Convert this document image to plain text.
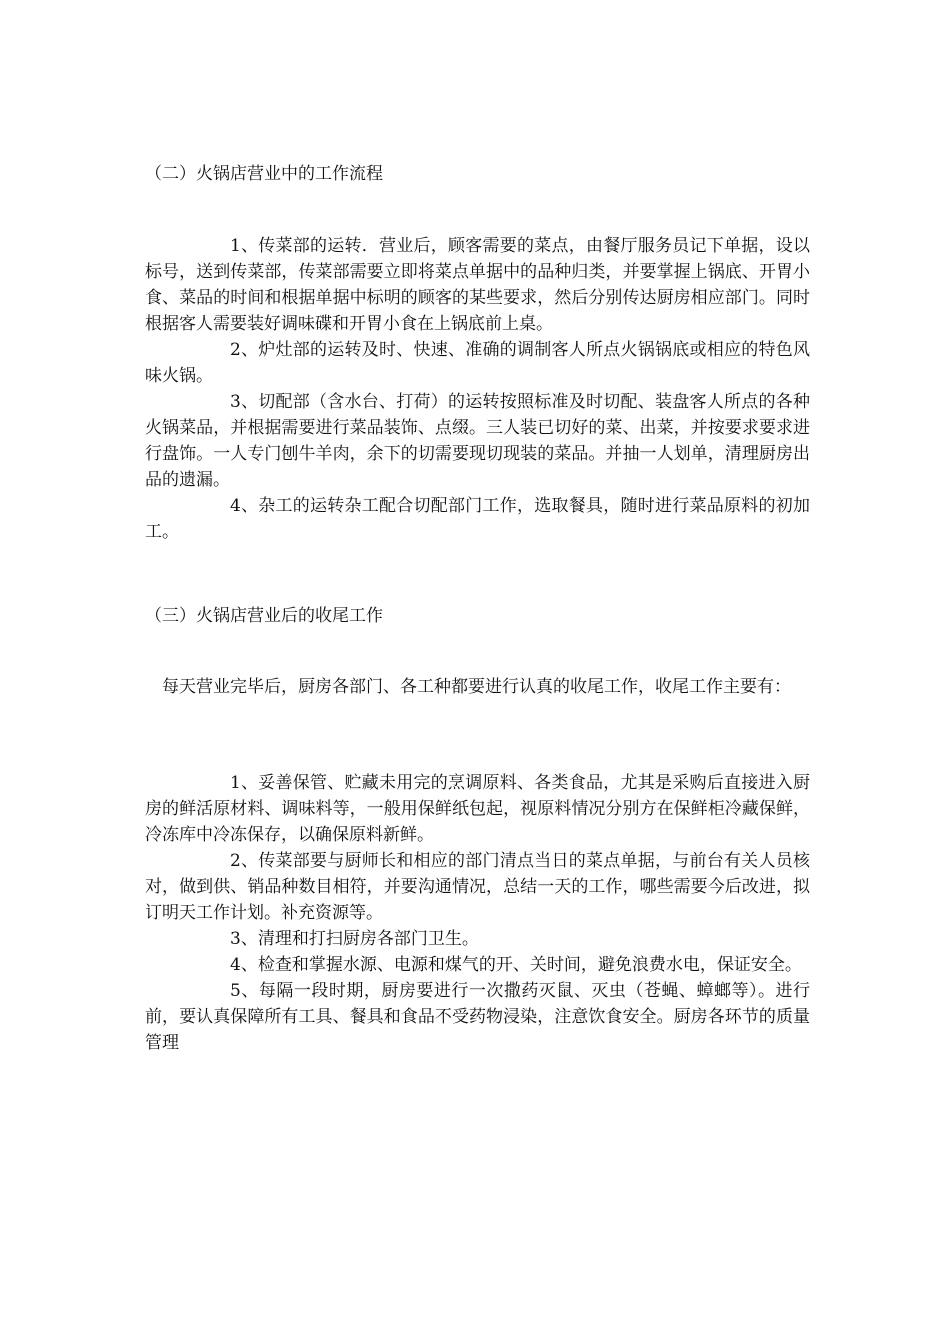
（二）火锅店营业中的工作流程

1、传菜部的运转．营业后，顾客需要的菜点，由餐厅服务员记下单据，设以标号，送到传菜部，传菜部需要立即将菜点单据中的品种归类，并要掌握上锅底、开胃小食、菜品的时间和根据单据中标明的顾客的某些要求，然后分别传达厨房相应部门。同时根据客人需要装好调味碟和开胃小食在上锅底前上桌。

2、炉灶部的运转及时、快速、准确的调制客人所点火锅锅底或相应的特色风味火锅。

3、切配部（含水台、打荷）的运转按照标准及时切配、装盘客人所点的各种火锅菜品，并根据需要进行菜品装饰、点缀。三人装已切好的菜、出菜，并按要求要求进行盘饰。一人专门刨牛羊肉，余下的切需要现切现装的菜品。并抽一人划单，清理厨房出品的遗漏。

4、杂工的运转杂工配合切配部门工作，选取餐具，随时进行菜品原料的初加工。

（三）火锅店营业后的收尾工作

每天营业完毕后，厨房各部门、各工种都要进行认真的收尾工作，收尾工作主要有：

1、妥善保管、贮藏未用完的烹调原料、各类食品，尤其是采购后直接进入厨房的鲜活原材料、调味料等，一般用保鲜纸包起，视原料情况分别方在保鲜柜冷藏保鲜，冷冻库中冷冻保存，以确保原料新鲜。

2、传菜部要与厨师长和相应的部门清点当日的菜点单据，与前台有关人员核对，做到供、销品种数目相符，并要沟通情况，总结一天的工作，哪些需要今后改进，拟订明天工作计划。补充资源等。

3、清理和打扫厨房各部门卫生。

4、检查和掌握水源、电源和煤气的开、关时间，避免浪费水电，保证安全。

5、每隔一段时期，厨房要进行一次撒药灭鼠、灭虫（苍蝇、蟑螂等）。进行前，要认真保障所有工具、餐具和食品不受药物浸染，注意饮食安全。厨房各环节的质量管理
